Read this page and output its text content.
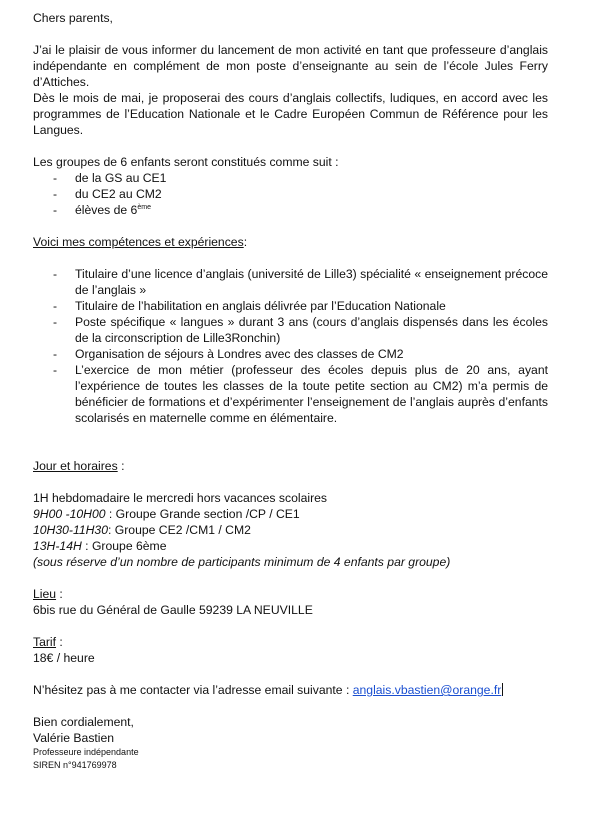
Chers parents,

J’ai le plaisir de vous informer du lancement de mon activité en tant que professeure d’anglais indépendante en complément de mon poste d’enseignante au sein de l’école Jules Ferry d’Attiches.

Dès le mois de mai, je proposerai des cours d’anglais collectifs, ludiques, en accord avec les programmes de l’Education Nationale et le Cadre Européen Commun de Référence pour les Langues.

Les groupes de 6 enfants seront constitués comme suit :

- de la GS au CE1
- du CE2 au CM2
- élèves de 6ème

Voici mes compétences et expériences:

- Titulaire d’une licence d’anglais (université de Lille3) spécialité « enseignement précoce de l’anglais »
- Titulaire de l’habilitation en anglais délivrée par l’Education Nationale
- Poste spécifique « langues » durant 3 ans (cours d’anglais dispensés dans les écoles de la circonscription de Lille3Ronchin)
- Organisation de séjours à Londres avec des classes de CM2
- L’exercice de mon métier (professeur des écoles depuis plus de 20 ans, ayant l’expérience de toutes les classes de la toute petite section au CM2) m’a permis de bénéficier de formations et d’expérimenter l’enseignement de l’anglais auprès d’enfants scolarisés en maternelle comme en élémentaire.

Jour et horaires :

1H hebdomadaire le mercredi hors vacances scolaires

9H00 -10H00 : Groupe Grande section /CP / CE1

10H30-11H30: Groupe CE2 /CM1 / CM2

13H-14H : Groupe 6ème

(sous réserve d’un nombre de participants minimum de 4 enfants par groupe)

Lieu :

6bis rue du Général de Gaulle 59239 LA NEUVILLE

Tarif :

18€ / heure

N’hésitez pas à me contacter via l’adresse email suivante : anglais.vbastien@orange.fr

Bien cordialement,

Valérie Bastien

Professeure indépendante

SIREN n°941769978
